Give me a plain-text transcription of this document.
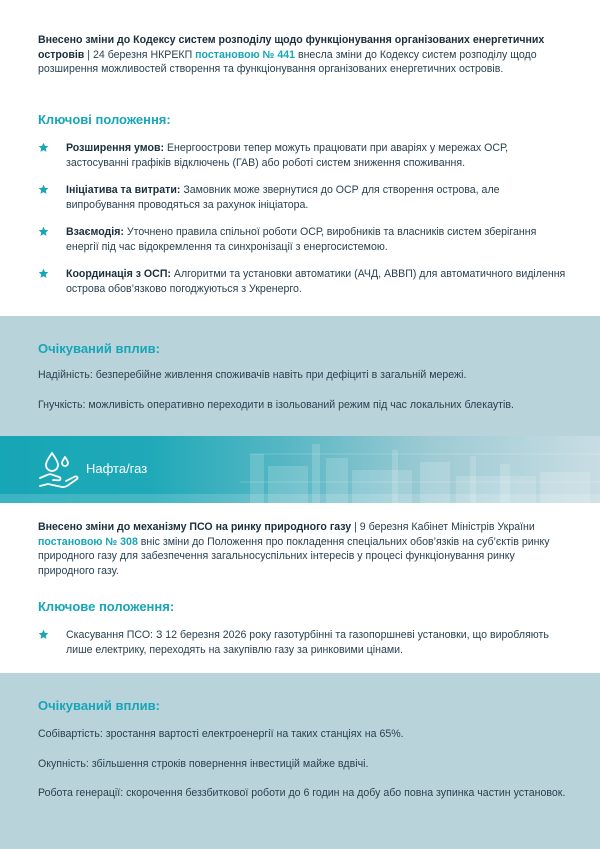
Внесено зміни до Кодексу систем розподілу щодо функціонування організованих енергетичних островів | 24 березня НКРЕКП постановою № 441 внесла зміни до Кодексу систем розподілу щодо розширення можливостей створення та функціонування організованих енергетичних островів.

Ключові положення:
Розширення умов: Енергоострови тепер можуть працювати при аваріях у мережах ОСР, застосуванні графіків відключень (ГАВ) або роботі систем зниження споживання.
Ініціатива та витрати: Замовник може звернутися до ОСР для створення острова, але випробування проводяться за рахунок ініціатора.
Взаємодія: Уточнено правила спільної роботи ОСР, виробників та власників систем зберігання енергії під час відокремлення та синхронізації з енергосистемою.
Координація з ОСП: Алгоритми та установки автоматики (АЧД, АВВП) для автоматичного виділення острова обов’язково погоджуються з Укренерго.
Очікуваний вплив:
Надійність: безперебійне живлення споживачів навіть при дефіциті в загальній мережі.
Гнучкість: можливість оперативно переходити в ізольований режим під час локальних блекаутів.
Нафта/газ

Внесено зміни до механізму ПСО на ринку природного газу | 9 березня Кабінет Міністрів України постановою № 308 вніс зміни до Положення про покладення спеціальних обов’язків на суб’єктів ринку природного газу для забезпечення загальносуспільних інтересів у процесі функціонування ринку природного газу.

Ключове положення:
Скасування ПСО: З 12 березня 2026 року газотурбінні та газопоршневі установки, що виробляють лише електрику, переходять на закупівлю газу за ринковими цінами.
Очікуваний вплив:
Собівартість: зростання вартості електроенергії на таких станціях на 65%.
Окупність: збільшення строків повернення інвестицій майже вдвічі.
Робота генерації: скорочення беззбиткової роботи до 6 годин на добу або повна зупинка частин установок.
